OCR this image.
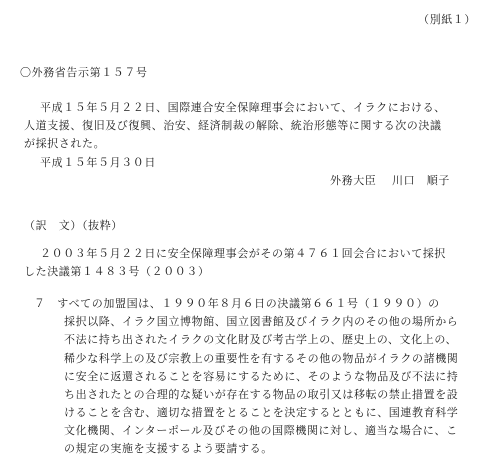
（別紙１）
〇外務省告示第１５７号
平成１５年５月２２日、国際連合安全保障理事会において、イラクにおける、
人道支援、復旧及び復興、治安、経済制裁の解除、統治形態等に関する次の決議
が採択された。
平成１５年５月３０日
外務大臣 川口　順子
（訳　文）（抜粋）
２００３年５月２２日に安全保障理事会がその第４７６１回会合において採択
した決議第１４８３号（２００３）
７　すべての加盟国は、１９９０年８月６日の決議第６６１号（１９９０）の
採択以降、イラク国立博物館、国立図書館及びイラク内のその他の場所から
不法に持ち出されたイラクの文化財及び考古学上の、歴史上の、文化上の、
稀少な科学上の及び宗教上の重要性を有するその他の物品がイラクの諸機関
に安全に返還されることを容易にするために、そのような物品及び不法に持
ち出されたとの合理的な疑いが存在する物品の取引又は移転の禁止措置を設
けることを含む、適切な措置をとることを決定するとともに、国連教育科学
文化機関、インターポール及びその他の国際機関に対し、適当な場合に、こ
の規定の実施を支援するよう要請する。
